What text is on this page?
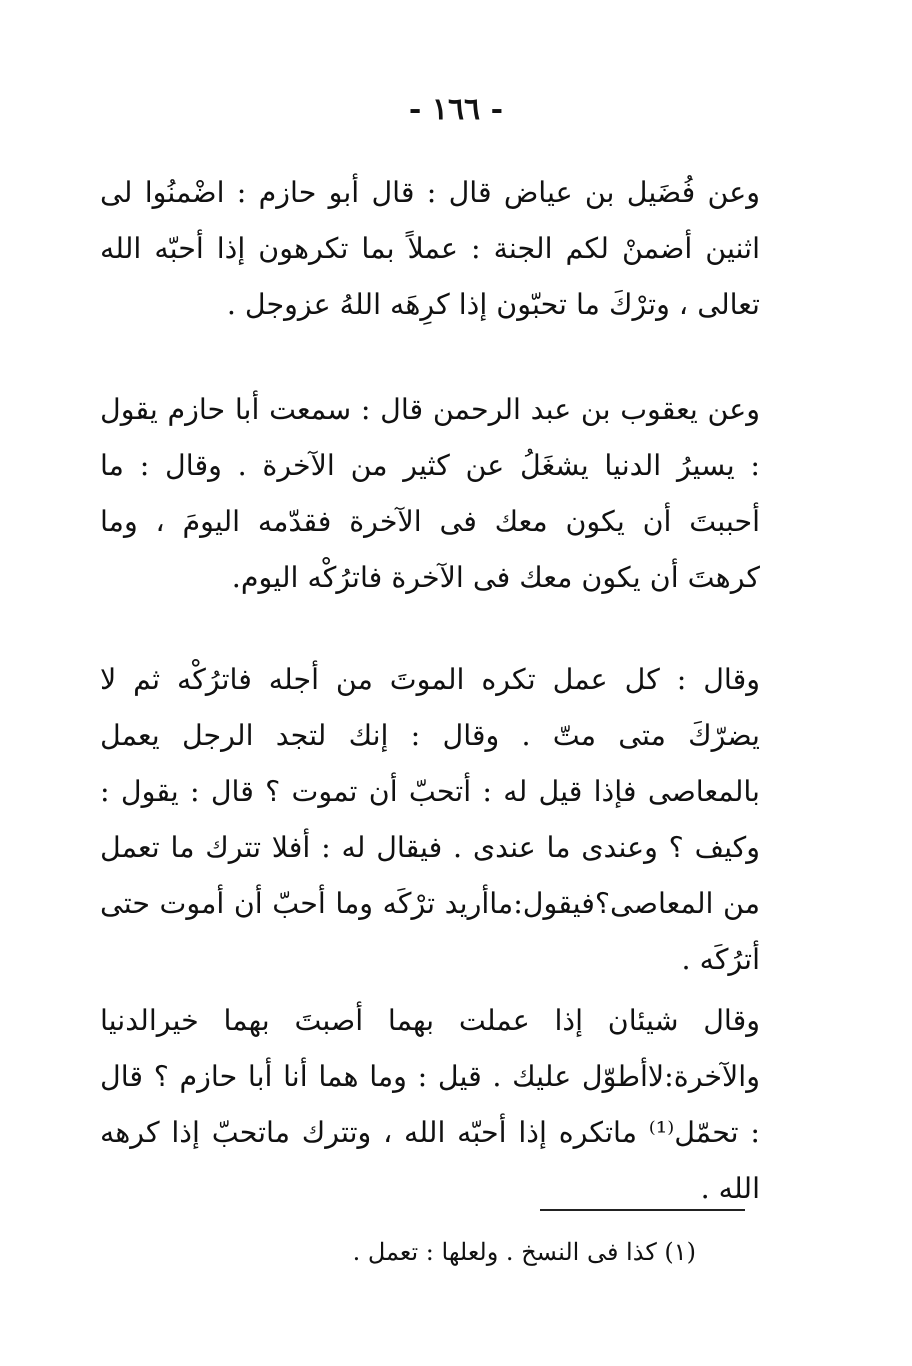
- ١٦٦ -

وعن فُضَيل بن عياض قال : قال أبو حازم : اضْمنُوا لى اثنين أضمنْ لكم الجنة : عملاً بما تكرهون إذا أحبّه الله تعالى ، وترْكَ ما تحبّون إذا كرِهَه اللهُ عزوجل .

وعن يعقوب بن عبد الرحمن قال : سمعت أبا حازم يقول : يسيرُ الدنيا يشغَلُ عن كثير من الآخرة . وقال : ما أحببتَ أن يكون معك فى الآخرة فقدّمه اليومَ ، وما كرهتَ أن يكون معك فى الآخرة فاترُكْه اليوم.

وقال : كل عمل تكره الموتَ من أجله فاترُكْه ثم لا يضرّكَ متى متّ . وقال : إنك لتجد الرجل يعمل بالمعاصى فإذا قيل له : أتحبّ أن تموت ؟ قال : يقول : وكيف ؟ وعندى ما عندى . فيقال له : أفلا تترك ما تعمل من المعاصى؟فيقول:ماأريد ترْكَه وما أحبّ أن أموت حتى أترُكَه .

وقال شيئان إذا عملت بهما أصبتَ بهما خيرالدنيا والآخرة:لاأطوّل عليك . قيل : وما هما أنا أبا حازم ؟ قال : تحمّل⁽¹⁾ ماتكره إذا أحبّه الله ، وتترك ماتحبّ إذا كرهه الله .

(١) كذا فى النسخ . ولعلها : تعمل .
